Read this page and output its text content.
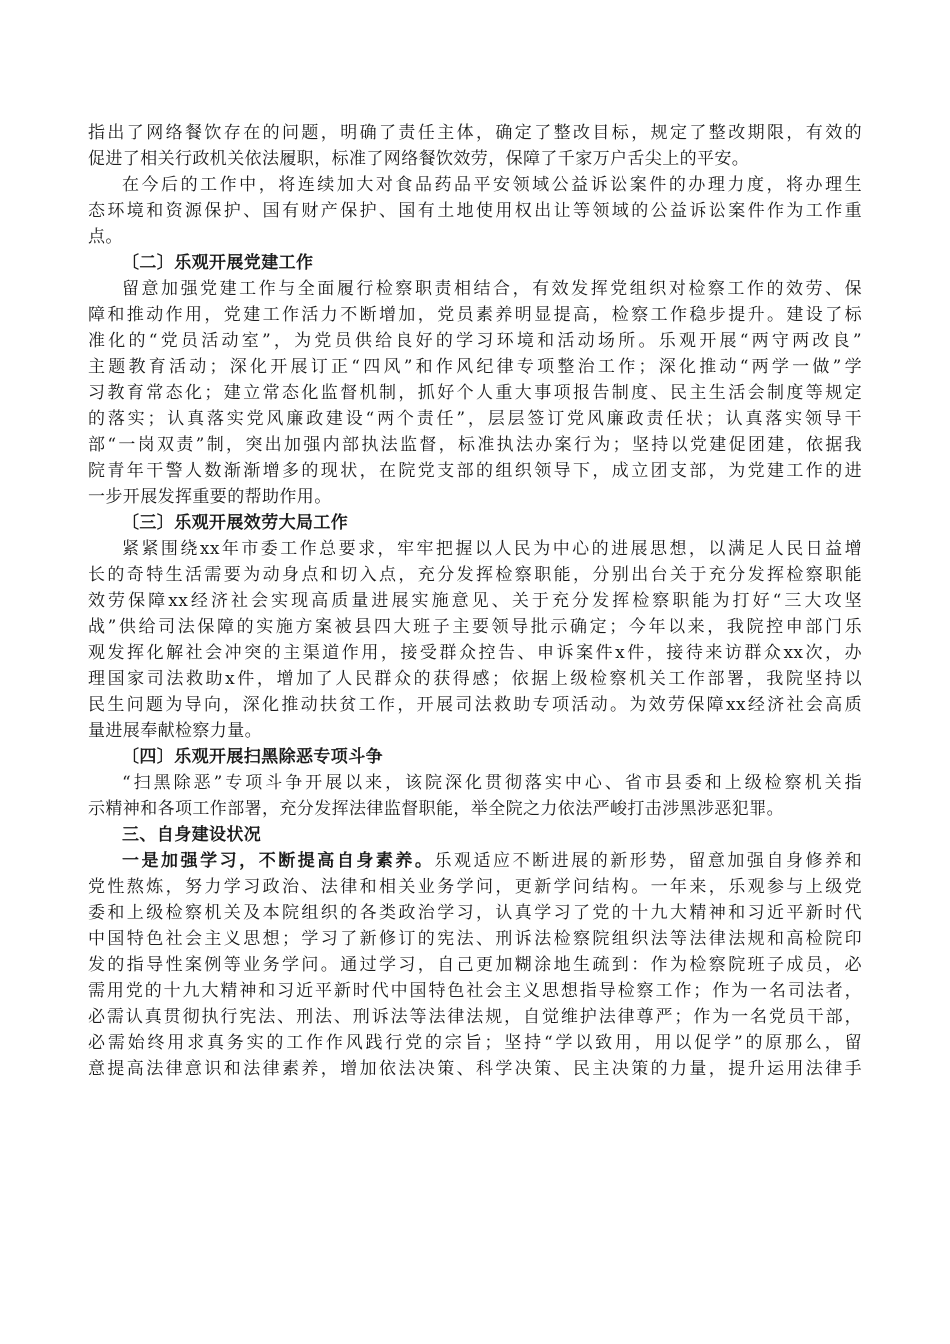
指出了网络餐饮存在的问题，明确了责任主体，确定了整改目标，规定了整改期限，有效的
促进了相关行政机关依法履职，标准了网络餐饮效劳，保障了千家万户舌尖上的平安。
在今后的工作中，将连续加大对食品药品平安领域公益诉讼案件的办理力度，将办理生
态环境和资源保护、国有财产保护、国有土地使用权出让等领域的公益诉讼案件作为工作重
点。
〔二〕乐观开展党建工作
留意加强党建工作与全面履行检察职责相结合，有效发挥党组织对检察工作的效劳、保
障和推动作用，党建工作活力不断增加，党员素养明显提高，检察工作稳步提升。建设了标
准化的“党员活动室”，为党员供给良好的学习环境和活动场所。乐观开展“两守两改良”
主题教育活动；深化开展订正“四风”和作风纪律专项整治工作；深化推动“两学一做”学
习教育常态化；建立常态化监督机制，抓好个人重大事项报告制度、民主生活会制度等规定
的落实；认真落实党风廉政建设“两个责任”，层层签订党风廉政责任状；认真落实领导干
部“一岗双责”制，突出加强内部执法监督，标准执法办案行为；坚持以党建促团建，依据我
院青年干警人数渐渐增多的现状，在院党支部的组织领导下，成立团支部，为党建工作的进
一步开展发挥重要的帮助作用。
〔三〕乐观开展效劳大局工作
紧紧围绕xx年市委工作总要求，牢牢把握以人民为中心的进展思想，以满足人民日益增
长的奇特生活需要为动身点和切入点，充分发挥检察职能，分别出台关于充分发挥检察职能
效劳保障xx经济社会实现高质量进展实施意见、关于充分发挥检察职能为打好“三大攻坚
战”供给司法保障的实施方案被县四大班子主要领导批示确定；今年以来，我院控申部门乐
观发挥化解社会冲突的主渠道作用，接受群众控告、申诉案件x件，接待来访群众xx次，办
理国家司法救助x件，增加了人民群众的获得感；依据上级检察机关工作部署，我院坚持以
民生问题为导向，深化推动扶贫工作，开展司法救助专项活动。为效劳保障xx经济社会高质
量进展奉献检察力量。
〔四〕乐观开展扫黑除恶专项斗争
“扫黑除恶”专项斗争开展以来，该院深化贯彻落实中心、省市县委和上级检察机关指
示精神和各项工作部署，充分发挥法律监督职能，举全院之力依法严峻打击涉黑涉恶犯罪。
三、自身建设状况
一是加强学习，不断提高自身素养。乐观适应不断进展的新形势，留意加强自身修养和
党性熬炼，努力学习政治、法律和相关业务学问，更新学问结构。一年来，乐观参与上级党
委和上级检察机关及本院组织的各类政治学习，认真学习了党的十九大精神和习近平新时代
中国特色社会主义思想；学习了新修订的宪法、刑诉法检察院组织法等法律法规和高检院印
发的指导性案例等业务学问。通过学习，自己更加糊涂地生疏到：作为检察院班子成员，必
需用党的十九大精神和习近平新时代中国特色社会主义思想指导检察工作；作为一名司法者，
必需认真贯彻执行宪法、刑法、刑诉法等法律法规，自觉维护法律尊严；作为一名党员干部，
必需始终用求真务实的工作作风践行党的宗旨；坚持“学以致用，用以促学”的原那么，留
意提高法律意识和法律素养，增加依法决策、科学决策、民主决策的力量，提升运用法律手
